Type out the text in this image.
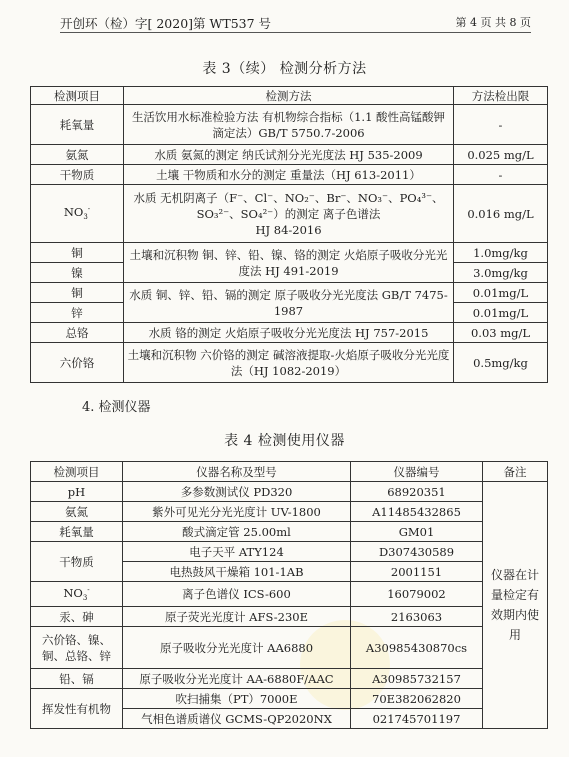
开创环（检）字[ 2020]第 WT537 号	第 4 页 共 8 页
表 3（续） 检测分析方法
检测项目	检测方法	方法检出限
耗氧量	生活饮用水标准检验方法 有机物综合指标（1.1 酸性高锰酸钾滴定法）GB/T 5750.7-2006	-
氨氮	水质 氨氮的测定 纳氏试剂分光光度法 HJ 535-2009	0.025 mg/L
干物质	土壤 干物质和水分的测定 重量法（HJ 613-2011）	-
$NO_3^-$	水质 无机阴离子（F⁻、Cl⁻、NO₂⁻、Br⁻、NO₃⁻、PO₄³⁻、
SO₃²⁻、SO₄²⁻）的测定 离子色谱法
HJ 84-2016	0.016 mg/L
铜	土壤和沉积物 铜、锌、铅、镍、铬的测定 火焰原子吸收分光光度法 HJ 491-2019	1.0mg/kg
镍		3.0mg/kg
铜	水质 铜、锌、铅、镉的测定 原子吸收分光光度法 GB/T 7475-1987	0.01mg/L
锌		0.01mg/L
总铬	水质 铬的测定 火焰原子吸收分光光度法 HJ 757-2015	0.03 mg/L
六价铬	土壤和沉积物 六价铬的测定 碱溶液提取-火焰原子吸收分光光度法（HJ 1082-2019）	0.5mg/kg
4. 检测仪器
表 4 检测使用仪器
检测项目	仪器名称及型号	仪器编号	备注
pH	多参数测试仪 PD320	68920351	仪器在计量检定有效期内使用
氨氮	紫外可见光分光光度计 UV-1800	A11485432865	
耗氧量	酸式滴定管 25.00ml	GM01	
干物质	电子天平 ATY124	D307430589	
	电热鼓风干燥箱 101-1AB	2001151	
$NO_3^-$	离子色谱仪 ICS-600	16079002	
汞、砷	原子荧光光度计 AFS-230E	2163063	
六价铬、镍、铜、总铬、锌	原子吸收分光光度计 AA6880	A30985430870cs	
铅、镉	原子吸收分光光度计 AA-6880F/AAC	A30985732157	
挥发性有机物	吹扫捕集（PT）7000E	70E382062820	
	气相色谱质谱仪 GCMS-QP2020NX	021745701197	
